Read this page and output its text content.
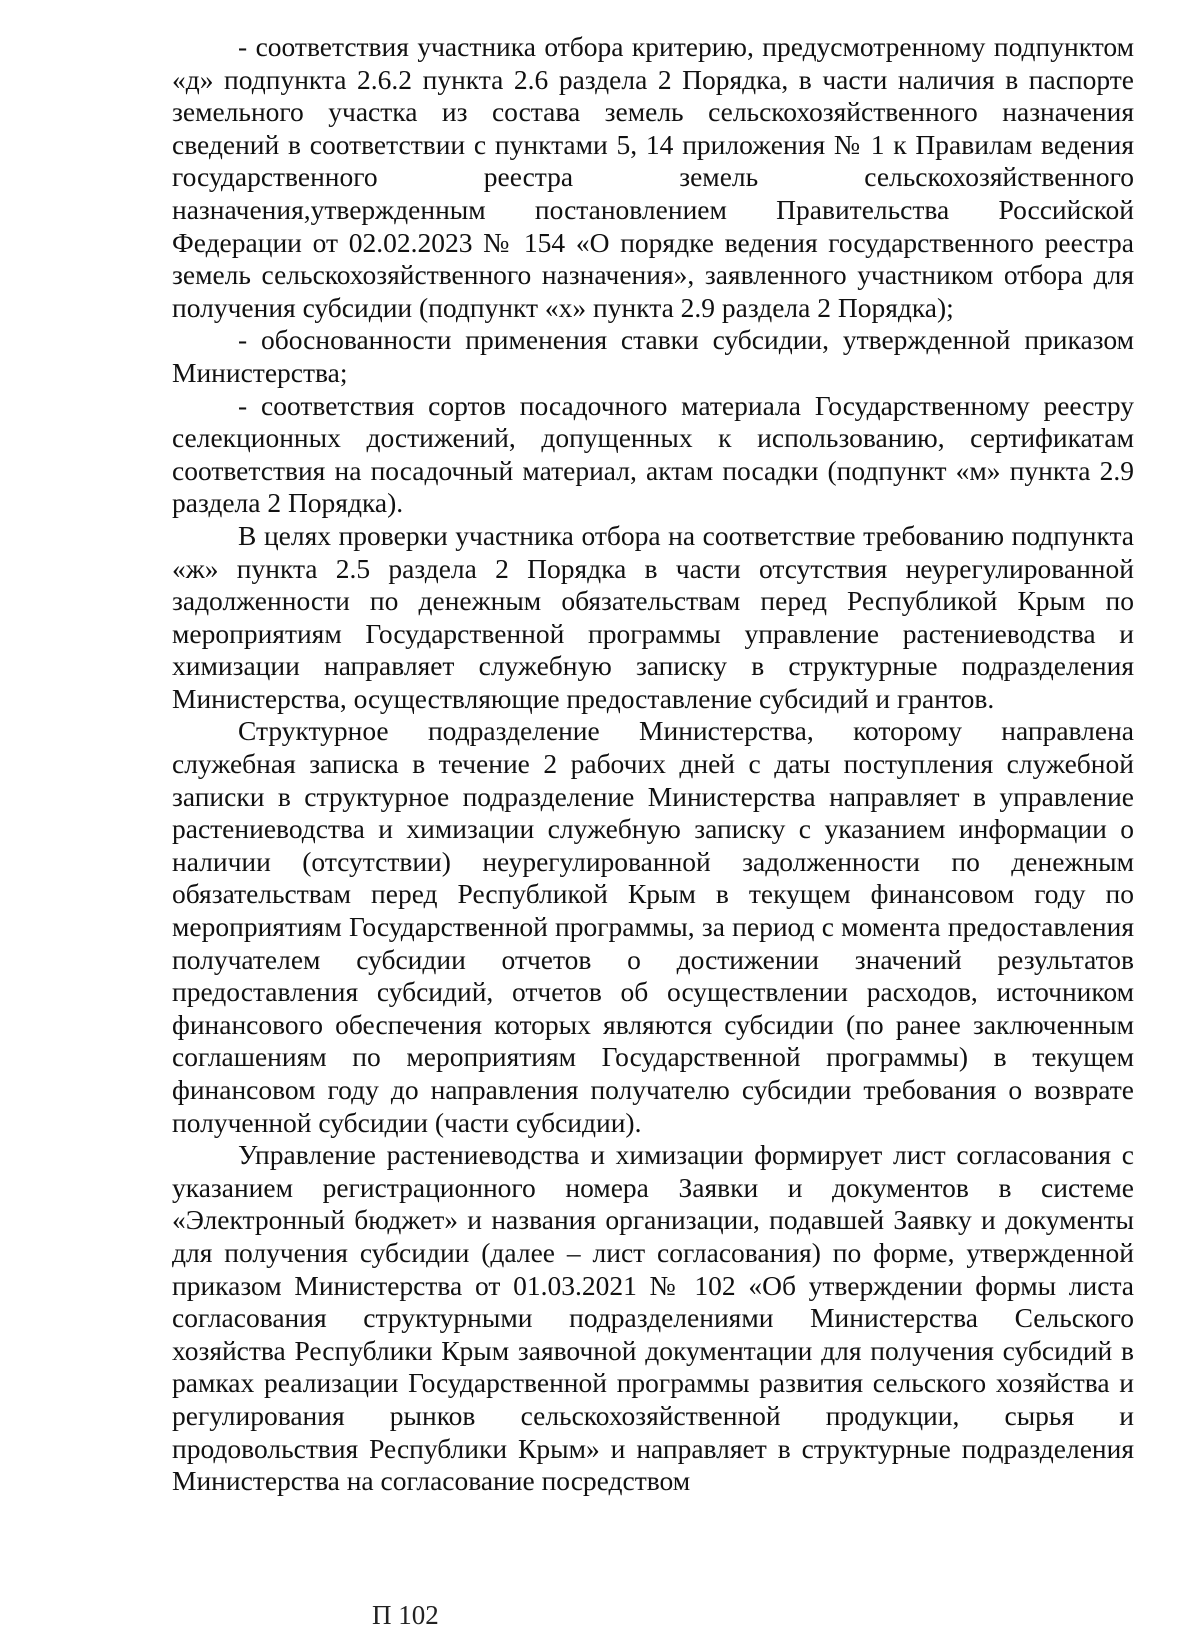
- соответствия участника отбора критерию, предусмотренному подпунктом «д» подпункта 2.6.2 пункта 2.6 раздела 2 Порядка, в части наличия в паспорте земельного участка из состава земель сельскохозяйственного назначения сведений в соответствии с пунктами 5, 14 приложения № 1 к Правилам ведения государственного реестра земель сельскохозяйственного назначения,утвержденным постановлением Правительства Российской Федерации от 02.02.2023 № 154 «О порядке ведения государственного реестра земель сельскохозяйственного назначения», заявленного участником отбора для получения субсидии (подпункт «х» пункта 2.9 раздела 2 Порядка);

- обоснованности применения ставки субсидии, утвержденной приказом Министерства;

- соответствия сортов посадочного материала Государственному реестру селекционных достижений, допущенных к использованию, сертификатам соответствия на посадочный материал, актам посадки (подпункт «м» пункта 2.9 раздела 2 Порядка).

В целях проверки участника отбора на соответствие требованию подпункта «ж» пункта 2.5 раздела 2 Порядка в части отсутствия неурегулированной задолженности по денежным обязательствам перед Республикой Крым по мероприятиям Государственной программы управление растениеводства и химизации направляет служебную записку в структурные подразделения Министерства, осуществляющие предоставление субсидий и грантов.

Структурное подразделение Министерства, которому направлена служебная записка в течение 2 рабочих дней с даты поступления служебной записки в структурное подразделение Министерства направляет в управление растениеводства и химизации служебную записку с указанием информации о наличии (отсутствии) неурегулированной задолженности по денежным обязательствам перед Республикой Крым в текущем финансовом году по мероприятиям Государственной программы, за период с момента предоставления получателем субсидии отчетов о достижении значений результатов предоставления субсидий, отчетов об осуществлении расходов, источником финансового обеспечения которых являются субсидии (по ранее заключенным соглашениям по мероприятиям Государственной программы) в текущем финансовом году до направления получателю субсидии требования о возврате полученной субсидии (части субсидии).

Управление растениеводства и химизации формирует лист согласования с указанием регистрационного номера Заявки и документов в системе «Электронный бюджет» и названия организации, подавшей Заявку и документы для получения субсидии (далее – лист согласования) по форме, утвержденной приказом Министерства от 01.03.2021 № 102 «Об утверждении формы листа согласования структурными подразделениями Министерства Сельского хозяйства Республики Крым заявочной документации для получения субсидий в рамках реализации Государственной программы развития сельского хозяйства и регулирования рынков сельскохозяйственной продукции, сырья и продовольствия Республики Крым» и направляет в структурные подразделения Министерства на согласование посредством

П 102
